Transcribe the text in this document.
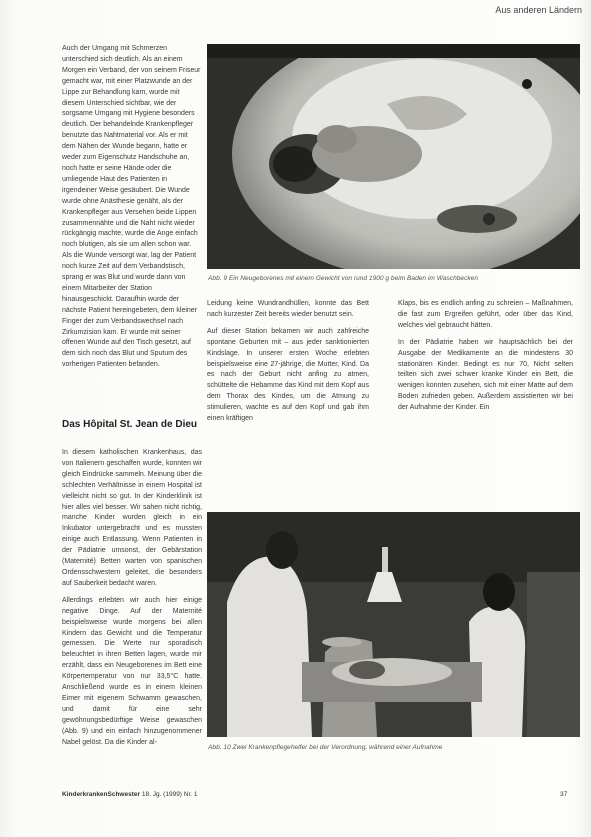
Aus anderen Ländern

Auch der Umgang mit Schmerzen unterschied sich deutlich. Als an einem Morgen ein Verband, der von seinem Friseur gemacht war, mit einer Platzwunde an der Lippe zur Behandlung kam, wurde mit diesem Unterschied sichtbar, wie der sorgsame Umgang mit Hygiene besonders deutlich. Der behandelnde Krankenpfleger benutzte das Nahtmaterial vor. Als er mit dem Nähen der Wunde begann, hatte er weder zum Eigenschutz Handschuhe an, noch hatte er seine Hände oder die umliegende Haut des Patienten in irgendeiner Weise gesäubert. Die Wunde wurde ohne Anästhesie genäht, als der Krankenpfleger aus Versehen beide Lippen zusammennähte und die Naht nicht wieder rückgängig machte, wurde die Ange einfach noch blutigen, als sie um allen schon war. Als die Wunde versorgt war, lag der Patient noch kurze Zeit auf dem Verbandstisch, sprang er was Blut und wurde dann von einem Mitarbeiter der Station hinausgeschickt. Daraufhin wurde der nächste Patient hereingebeten, dem kleiner Finger der zum Verbandswechsel nach Zirkumzision kam. Er wurde mit seiner offenen Wunde auf den Tisch gesetzt, auf dem sich noch das Blut und Sputum des vorherigen Patienten befanden.

Das Hôpital St. Jean de Dieu

In diesem katholischen Krankenhaus, das von Italienern geschaffen wurde, konnten wir gleich Eindrücke sammeln. Meinung über die schlechten Verhältnisse in einem Hospital ist vielleicht nicht so gut. In der Kinderklinik ist hier alles viel besser. Wir sahen nicht richtig, manche Kinder wurden gleich in ein Inkubator untergebracht und es mussten einige auch Entlassung. Wenn Patienten in der Pädiatrie umsonst, der Gebärstation (Maternité) Betten warten von spanischen Ordensschwestern geleitet, die besonders auf Sauberkeit bedacht waren.

Allerdings erlebten wir auch hier einige negative Dinge. Auf der Maternité beispielsweise wurde morgens bei allen Kindern das Gewicht und die Temperatur gemessen. Die Werte nur sporadisch beleuchtet in ihren Betten lagen, wurde mir erzählt, dass ein Neugeborenes im Bett eine Körpertemperatur von nur 33,5°C hatte. Anschließend wurde es in einem kleinen Eimer mit eigenem Schwamm gewaschen, und damit für eine sehr gewöhnungsbedürftige Weise gewaschen (Abb. 9) und ein einfach hinzugenommener Nabel gelöst. Da die Kinder al-

Abb. 9 Ein Neugeborenes mit einem Gewicht von rund 1900 g beim Baden im Waschbecken

Leidung keine Wundrandhüllen, konnte das Bett nach kurzester Zeit bereits wieder benutzt sein.

Auf dieser Station bekamen wir auch zahlreiche spontane Geburten mit – aus jeder sanktionierten Kindslage. In unserer ersten Woche erlebten beispielsweise eine 27-jährige, die Mutter, Kind. Da es nach der Geburt nicht anfing zu atmen, schüttelte die Hebamme das Kind mit dem Kopf aus dem Thorax des Kindes, um die Atmung zu stimulieren, wachte es auf den Kopf und gab ihm einen kräftigen

Klaps, bis es endlich anfing zu schreien – Maßnahmen, die fast zum Ergreifen geführt, oder über das Kind, welches viel gebraucht hätten.

In der Pädiatrie haben wir hauptsächlich bei der Ausgabe der Medikamente an die mindestens 30 stationären Kinder. Bedingt es nur 70, Nicht selten teilten sich zwei schwer kranke Kinder ein Bett, die wenigen konnten zusehen, sich mit einer Matte auf dem Boden zufrieden geben. Außerdem assistierten wir bei der Aufnahme der Kinder. Ein

Abb. 10 Zwei Krankenpflegehelfer bei der Verordnung, während einer Aufnahme
KinderkrankenSchwester 18. Jg. (1999) Nr. 1	37
